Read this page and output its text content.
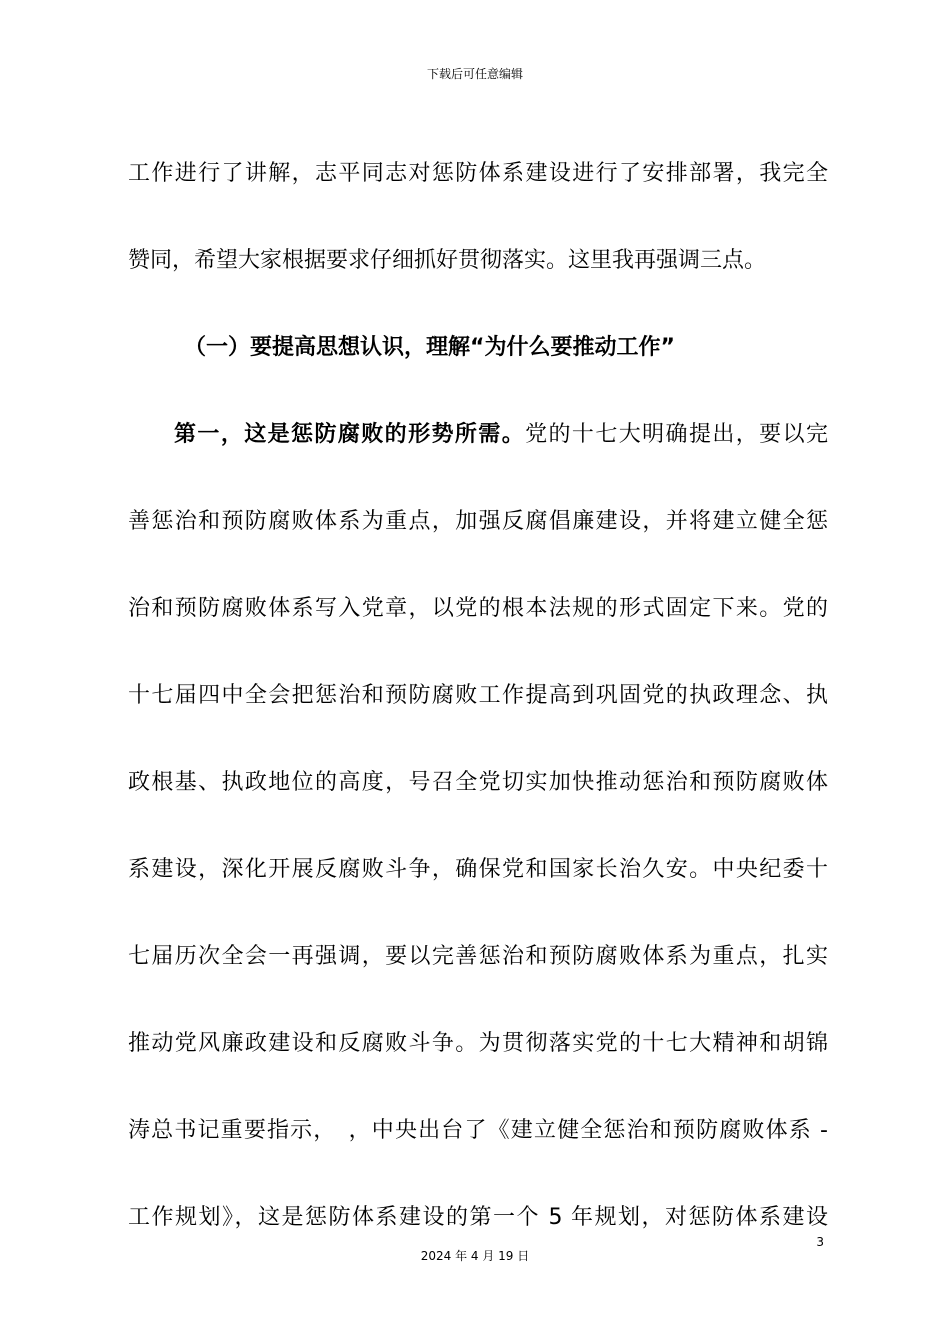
下载后可任意编辑
工作进行了讲解，志平同志对惩防体系建设进行了安排部署，我完全
赞同，希望大家根据要求仔细抓好贯彻落实。这里我再强调三点。
（一）要提高思想认识，理解“为什么要推动工作”
第一，这是惩防腐败的形势所需。党的十七大明确提出，要以完
善惩治和预防腐败体系为重点，加强反腐倡廉建设，并将建立健全惩
治和预防腐败体系写入党章，以党的根本法规的形式固定下来。党的
十七届四中全会把惩治和预防腐败工作提高到巩固党的执政理念、执
政根基、执政地位的高度，号召全党切实加快推动惩治和预防腐败体
系建设，深化开展反腐败斗争，确保党和国家长治久安。中央纪委十
七届历次全会一再强调，要以完善惩治和预防腐败体系为重点，扎实
推动党风廉政建设和反腐败斗争。为贯彻落实党的十七大精神和胡锦
涛总书记重要指示，　，中央出台了《建立健全惩治和预防腐败体系 -
工作规划》，这是惩防体系建设的第一个 5 年规划，对惩防体系建设
3
2024 年 4 月 19 日
